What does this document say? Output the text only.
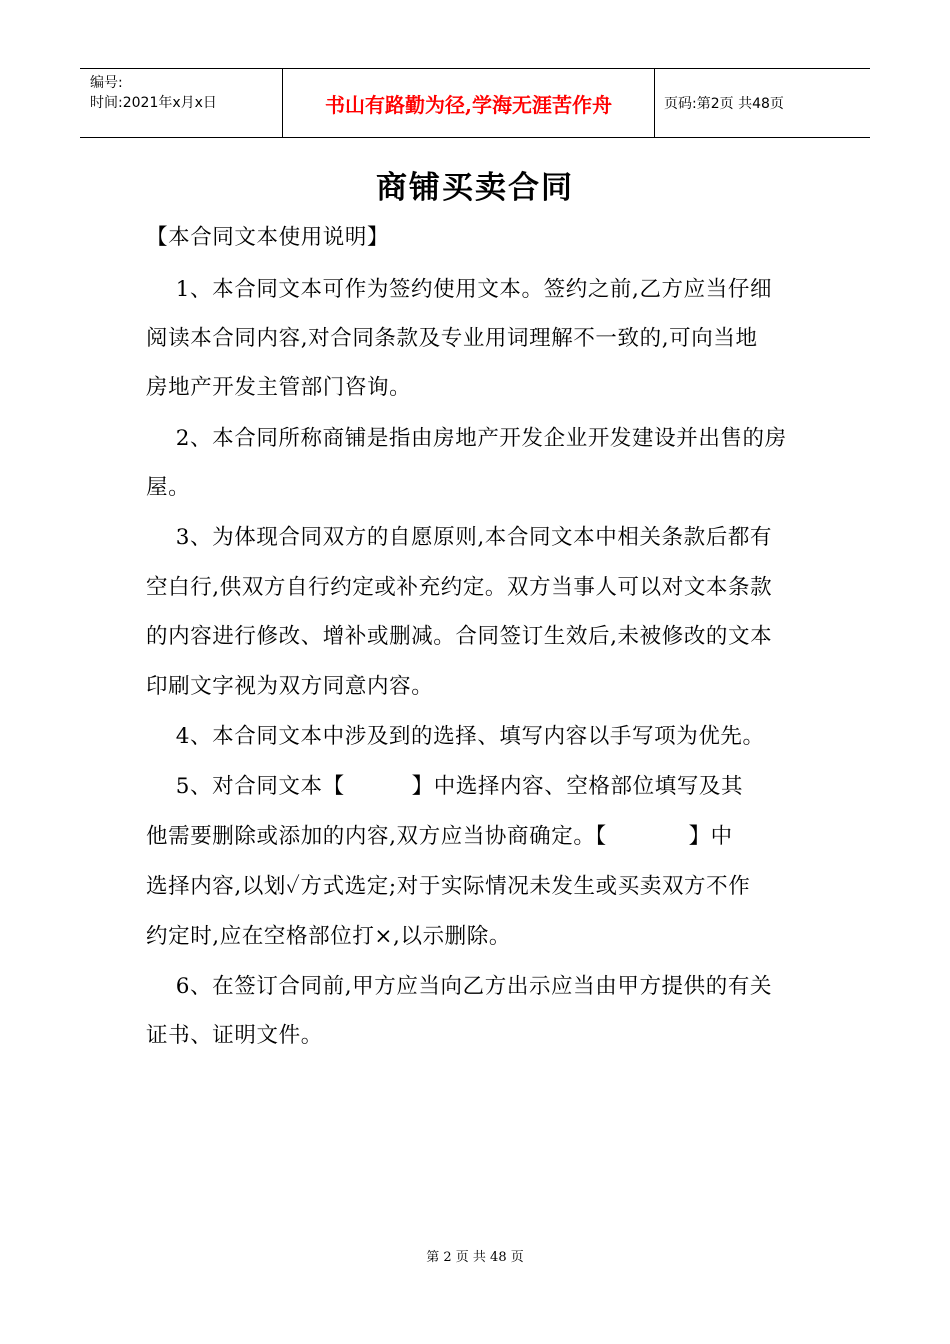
编号:
时间:2021年x月x日	书山有路勤为径,学海无涯苦作舟	页码:第2页 共48页
商铺买卖合同
【本合同文本使用说明】
1、本合同文本可作为签约使用文本。签约之前,乙方应当仔细
阅读本合同内容,对合同条款及专业用词理解不一致的,可向当地
房地产开发主管部门咨询。
2、本合同所称商铺是指由房地产开发企业开发建设并出售的房
屋。
3、为体现合同双方的自愿原则,本合同文本中相关条款后都有
空白行,供双方自行约定或补充约定。双方当事人可以对文本条款
的内容进行修改、增补或删减。合同签订生效后,未被修改的文本
印刷文字视为双方同意内容。
4、本合同文本中涉及到的选择、填写内容以手写项为优先。
5、对合同文本【         】中选择内容、空格部位填写及其
他需要删除或添加的内容,双方应当协商确定。【           】中
选择内容,以划✓方式选定;对于实际情况未发生或买卖双方不作
约定时,应在空格部位打×,以示删除。
6、在签订合同前,甲方应当向乙方出示应当由甲方提供的有关
证书、证明文件。
第 2 页 共 48 页
